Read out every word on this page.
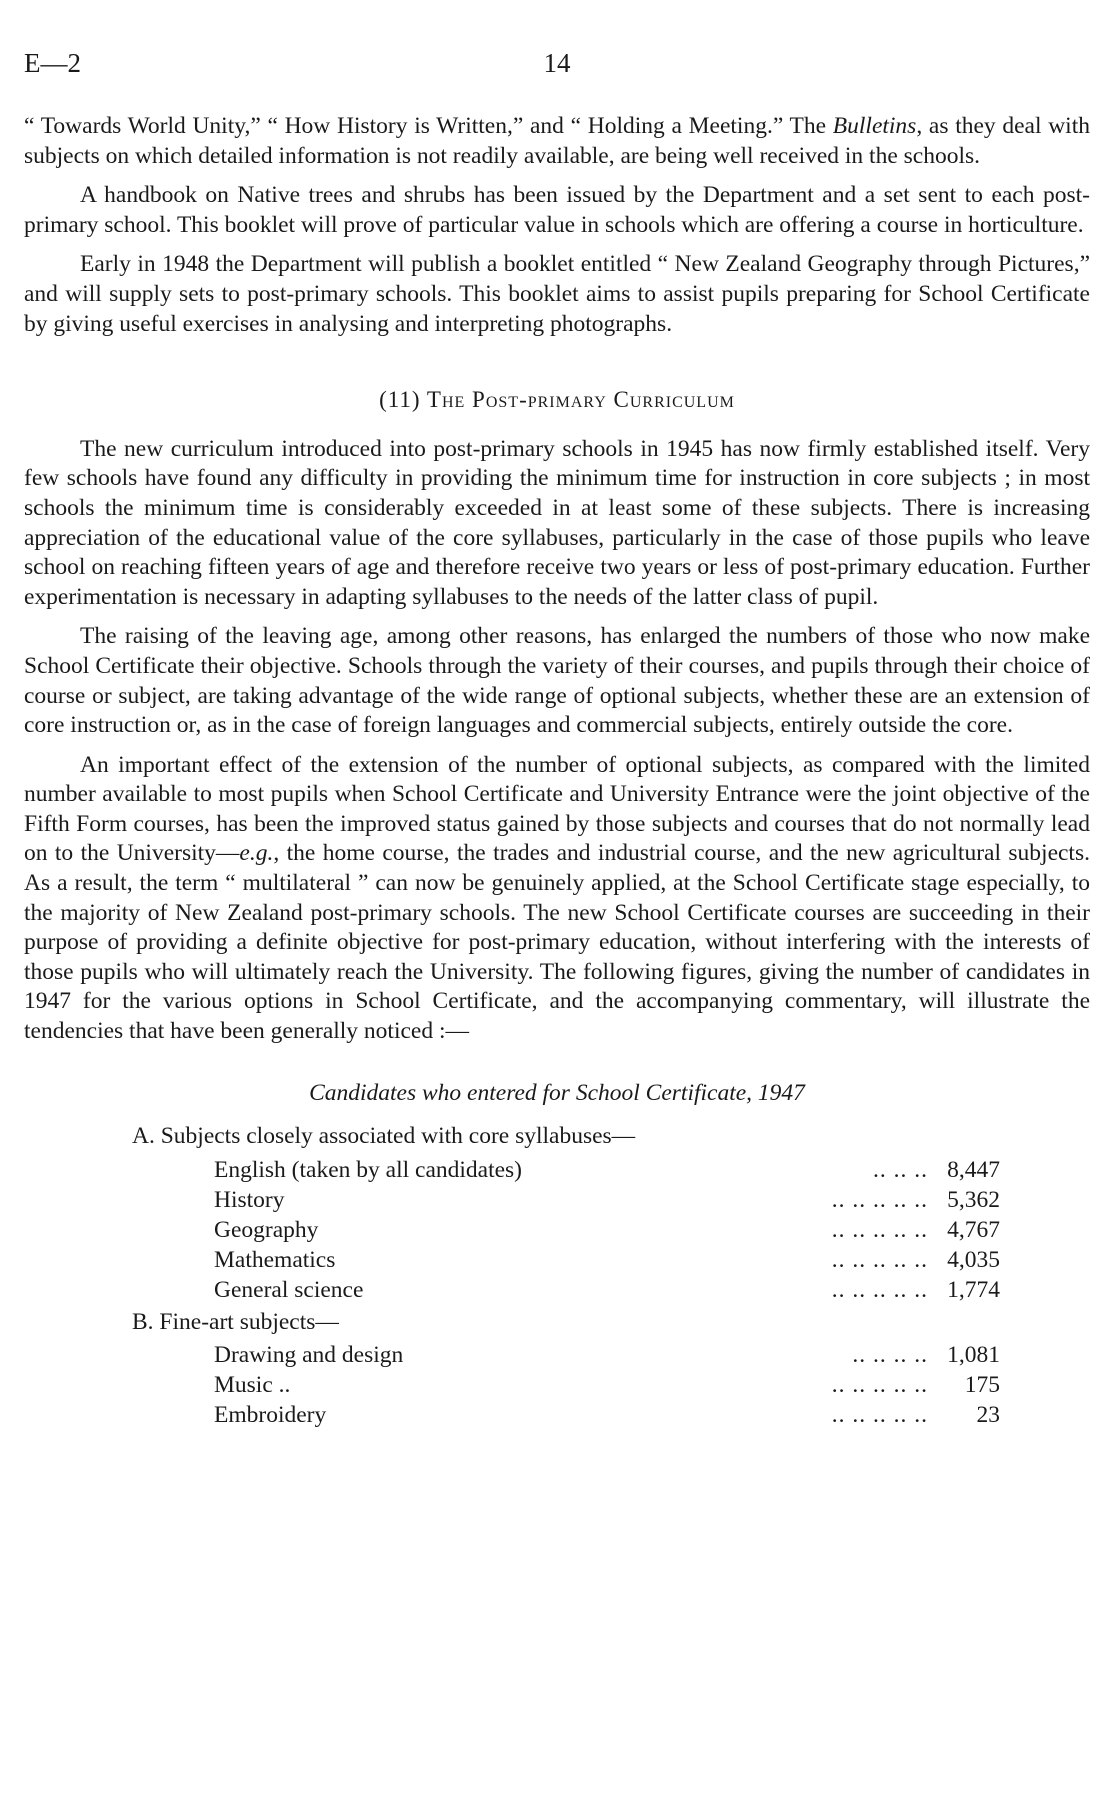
E—2	14

“ Towards World Unity,” “ How History is Written,” and “ Holding a Meeting.” The Bulletins, as they deal with subjects on which detailed information is not readily available, are being well received in the schools.

A handbook on Native trees and shrubs has been issued by the Department and a set sent to each post-primary school. This booklet will prove of particular value in schools which are offering a course in horticulture.

Early in 1948 the Department will publish a booklet entitled “ New Zealand Geography through Pictures,” and will supply sets to post-primary schools. This booklet aims to assist pupils preparing for School Certificate by giving useful exercises in analysing and interpreting photographs.

(11) The Post-primary Curriculum

The new curriculum introduced into post-primary schools in 1945 has now firmly established itself. Very few schools have found any difficulty in providing the minimum time for instruction in core subjects ; in most schools the minimum time is considerably exceeded in at least some of these subjects. There is increasing appreciation of the educational value of the core syllabuses, particularly in the case of those pupils who leave school on reaching fifteen years of age and therefore receive two years or less of post-primary education. Further experimentation is necessary in adapting syllabuses to the needs of the latter class of pupil.

The raising of the leaving age, among other reasons, has enlarged the numbers of those who now make School Certificate their objective. Schools through the variety of their courses, and pupils through their choice of course or subject, are taking advantage of the wide range of optional subjects, whether these are an extension of core instruction or, as in the case of foreign languages and commercial subjects, entirely outside the core.

An important effect of the extension of the number of optional subjects, as compared with the limited number available to most pupils when School Certificate and University Entrance were the joint objective of the Fifth Form courses, has been the improved status gained by those subjects and courses that do not normally lead on to the University—e.g., the home course, the trades and industrial course, and the new agricultural subjects. As a result, the term “ multilateral ” can now be genuinely applied, at the School Certificate stage especially, to the majority of New Zealand post-primary schools. The new School Certificate courses are succeeding in their purpose of providing a definite objective for post-primary education, without interfering with the interests of those pupils who will ultimately reach the University. The following figures, giving the number of candidates in 1947 for the various options in School Certificate, and the accompanying commentary, will illustrate the tendencies that have been generally noticed :—

Candidates who entered for School Certificate, 1947
A. Subjects closely associated with core syllabuses—
English (taken by all candidates)	.. .. .. 8,447
History	.. .. .. .. .. 5,362
Geography	.. .. .. .. .. 4,767
Mathematics	.. .. .. .. .. 4,035
General science	.. .. .. .. .. 1,774
B. Fine-art subjects—
Drawing and design	.. .. .. .. 1,081
Music ..	.. .. .. .. .. 175
Embroidery	.. .. .. .. .. 23
